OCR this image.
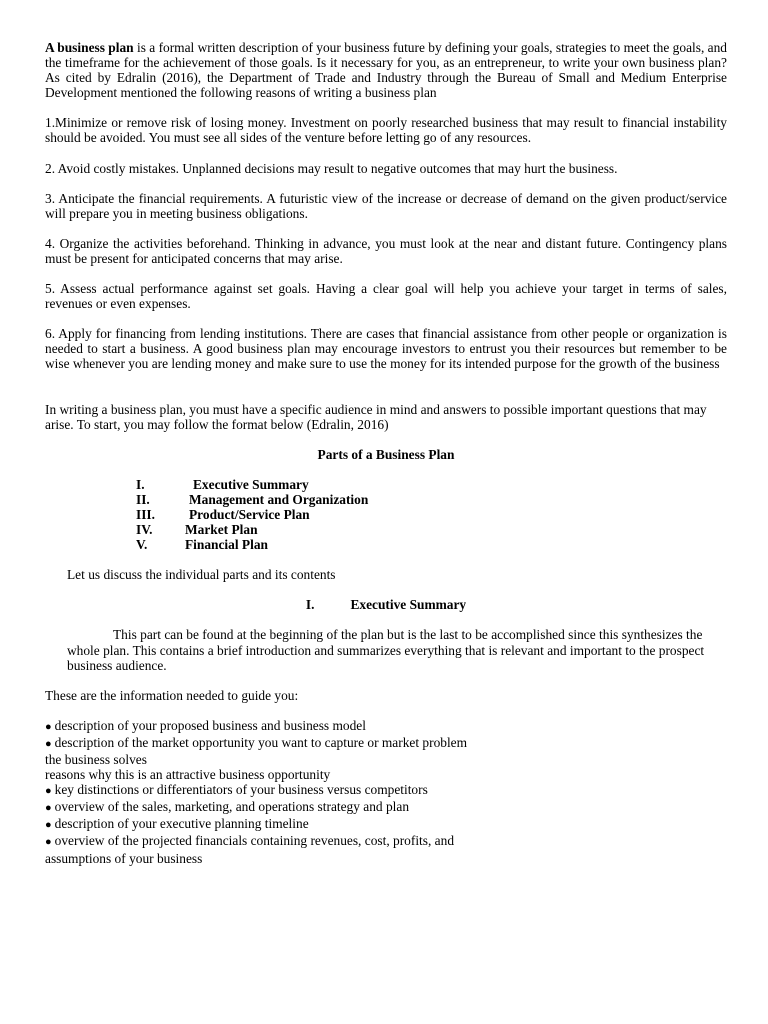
A business plan is a formal written description of your business future by defining your goals, strategies to meet the goals, and the timeframe for the achievement of those goals. Is it necessary for you, as an entrepreneur, to write your own business plan? As cited by Edralin (2016), the Department of Trade and Industry through the Bureau of Small and Medium Enterprise Development mentioned the following reasons of writing a business plan

1.Minimize or remove risk of losing money. Investment on poorly researched business that may result to financial instability should be avoided. You must see all sides of the venture before letting go of any resources.

2. Avoid costly mistakes. Unplanned decisions may result to negative outcomes that may hurt the business.

3. Anticipate the financial requirements. A futuristic view of the increase or decrease of demand on the given product/service will prepare you in meeting business obligations.

4. Organize the activities beforehand. Thinking in advance, you must look at the near and distant future. Contingency plans must be present for anticipated concerns that may arise.

5. Assess actual performance against set goals. Having a clear goal will help you achieve your target in terms of sales, revenues or even expenses.

6. Apply for financing from lending institutions. There are cases that financial assistance from other people or organization is needed to start a business. A good business plan may encourage investors to entrust you their resources but remember to be wise whenever you are lending money and make sure to use the money for its intended purpose for the growth of the business

In writing a business plan, you must have a specific audience in mind and answers to possible important questions that may arise. To start, you may follow the format below (Edralin, 2016)

Parts of a Business Plan

I.	Executive Summary
II.	Management and Organization
III.	Product/Service Plan
IV.	Market Plan
V.	Financial Plan

Let us discuss the individual parts and its contents

I.	Executive Summary

This part can be found at the beginning of the plan but is the last to be accomplished since this synthesizes the whole plan. This contains a brief introduction and summarizes everything that is relevant and important to the prospect business audience.

These are the information needed to guide you:

● description of your proposed business and business model

● description of the market opportunity you want to capture or market problem

the business solves

reasons why this is an attractive business opportunity

● key distinctions or differentiators of your business versus competitors

● overview of the sales, marketing, and operations strategy and plan

● description of your executive planning timeline

● overview of the projected financials containing revenues, cost, profits, and

assumptions of your business
